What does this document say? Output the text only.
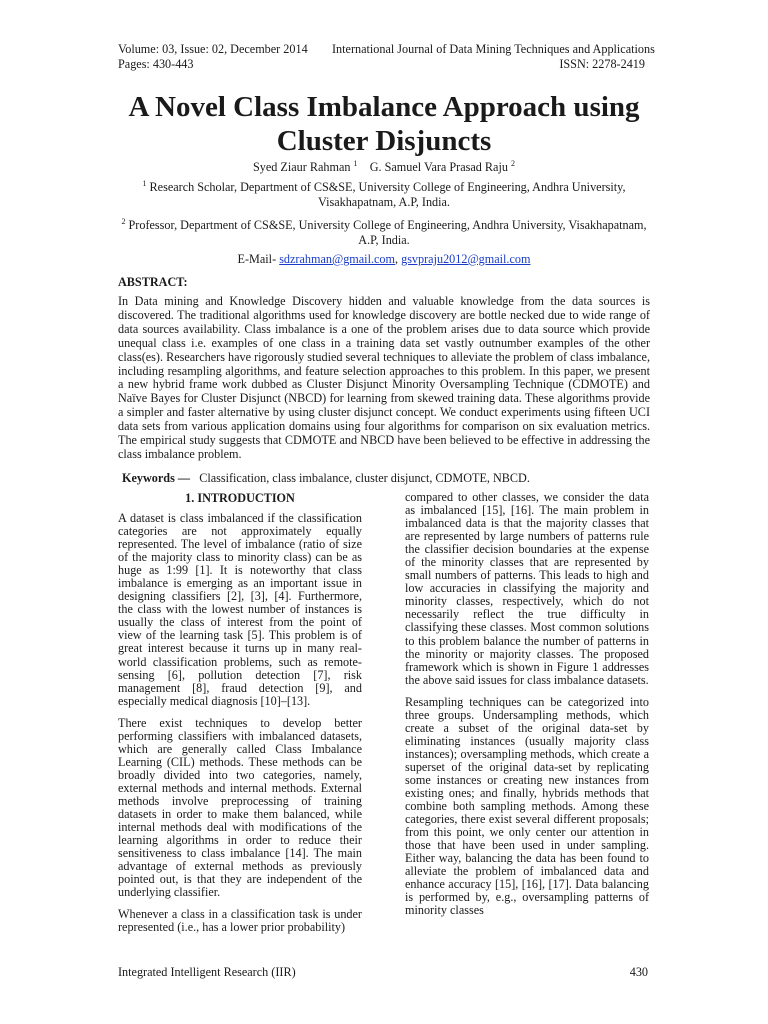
Volume: 03, Issue: 02, December 2014 International Journal of Data Mining Techniques and Applications
Pages: 430-443	ISSN: 2278-2419
A Novel Class Imbalance Approach using Cluster Disjuncts
Syed Ziaur Rahman $^1$ G. Samuel Vara Prasad Raju $^2$
$^1$ Research Scholar, Department of CS&SE, University College of Engineering, Andhra University, Visakhapatnam, A.P, India.
$^2$ Professor, Department of CS&SE, University College of Engineering, Andhra University, Visakhapatnam, A.P, India.
E-Mail- sdzrahman@gmail.com, gsvpraju2012@gmail.com
ABSTRACT:
In Data mining and Knowledge Discovery hidden and valuable knowledge from the data sources is discovered. The traditional algorithms used for knowledge discovery are bottle necked due to wide range of data sources availability. Class imbalance is a one of the problem arises due to data source which provide unequal class i.e. examples of one class in a training data set vastly outnumber examples of the other class(es). Researchers have rigorously studied several techniques to alleviate the problem of class imbalance, including resampling algorithms, and feature selection approaches to this problem. In this paper, we present a new hybrid frame work dubbed as Cluster Disjunct Minority Oversampling Technique (CDMOTE) and Naïve Bayes for Cluster Disjunct (NBCD) for learning from skewed training data. These algorithms provide a simpler and faster alternative by using cluster disjunct concept. We conduct experiments using fifteen UCI data sets from various application domains using four algorithms for comparison on six evaluation metrics. The empirical study suggests that CDMOTE and NBCD have been believed to be effective in addressing the class imbalance problem.
Keywords — Classification, class imbalance, cluster disjunct, CDMOTE, NBCD.
1. INTRODUCTION

A dataset is class imbalanced if the classification categories are not approximately equally represented. The level of imbalance (ratio of size of the majority class to minority class) can be as huge as 1:99 [1]. It is noteworthy that class imbalance is emerging as an important issue in designing classifiers [2], [3], [4]. Furthermore, the class with the lowest number of instances is usually the class of interest from the point of view of the learning task [5]. This problem is of great interest because it turns up in many real-world classification problems, such as remote-sensing [6], pollution detection [7], risk management [8], fraud detection [9], and especially medical diagnosis [10]–[13].

There exist techniques to develop better performing classifiers with imbalanced datasets, which are generally called Class Imbalance Learning (CIL) methods. These methods can be broadly divided into two categories, namely, external methods and internal methods. External methods involve preprocessing of training datasets in order to make them balanced, while internal methods deal with modifications of the learning algorithms in order to reduce their sensitiveness to class imbalance [14]. The main advantage of external methods as previously pointed out, is that they are independent of the underlying classifier.

Whenever a class in a classification task is under represented (i.e., has a lower prior probability)

compared to other classes, we consider the data as imbalanced [15], [16]. The main problem in imbalanced data is that the majority classes that are represented by large numbers of patterns rule the classifier decision boundaries at the expense of the minority classes that are represented by small numbers of patterns. This leads to high and low accuracies in classifying the majority and minority classes, respectively, which do not necessarily reflect the true difficulty in classifying these classes. Most common solutions to this problem balance the number of patterns in the minority or majority classes. The proposed framework which is shown in Figure 1 addresses the above said issues for class imbalance datasets.

Resampling techniques can be categorized into three groups. Undersampling methods, which create a subset of the original data-set by eliminating instances (usually majority class instances); oversampling methods, which create a superset of the original data-set by replicating some instances or creating new instances from existing ones; and finally, hybrids methods that combine both sampling methods. Among these categories, there exist several different proposals; from this point, we only center our attention in those that have been used in under sampling. Either way, balancing the data has been found to alleviate the problem of imbalanced data and enhance accuracy [15], [16], [17]. Data balancing is performed by, e.g., oversampling patterns of minority classes

Integrated Intelligent Research (IIR)	430
